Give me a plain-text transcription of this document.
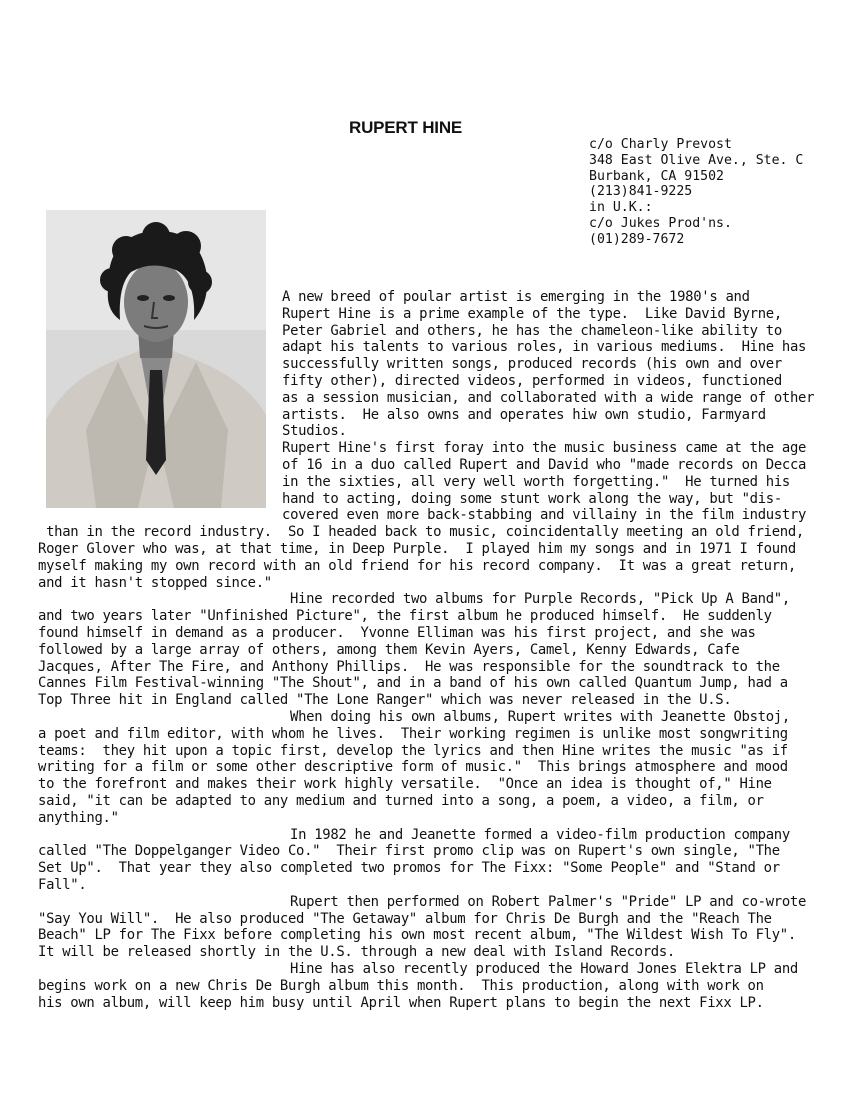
RUPERT HINE
c/o Charly Prevost
348 East Olive Ave., Ste. C
Burbank, CA 91502
(213)841-9225
in U.K.:
c/o Jukes Prod'ns.
(01)289-7672
A new breed of poular artist is emerging in the 1980's and
Rupert Hine is a prime example of the type.  Like David Byrne,
Peter Gabriel and others, he has the chameleon-like ability to
adapt his talents to various roles, in various mediums.  Hine has
successfully written songs, produced records (his own and over
fifty other), directed videos, performed in videos, functioned
as a session musician, and collaborated with a wide range of other
artists.  He also owns and operates hiw own studio, Farmyard
Studios.
Rupert Hine's first foray into the music business came at the age
of 16 in a duo called Rupert and David who "made records on Decca
in the sixties, all very well worth forgetting."  He turned his
hand to acting, doing some stunt work along the way, but "dis-
covered even more back-stabbing and villainy in the film industry
than in the record industry.  So I headed back to music, coincidentally meeting an old friend,
Roger Glover who was, at that time, in Deep Purple.  I played him my songs and in 1971 I found
myself making my own record with an old friend for his record company.  It was a great return,
and it hasn't stopped since."
Hine recorded two albums for Purple Records, "Pick Up A Band",
and two years later "Unfinished Picture", the first album he produced himself.  He suddenly
found himself in demand as a producer.  Yvonne Elliman was his first project, and she was
followed by a large array of others, among them Kevin Ayers, Camel, Kenny Edwards, Cafe
Jacques, After The Fire, and Anthony Phillips.  He was responsible for the soundtrack to the
Cannes Film Festival-winning "The Shout", and in a band of his own called Quantum Jump, had a
Top Three hit in England called "The Lone Ranger" which was never released in the U.S.
When doing his own albums, Rupert writes with Jeanette Obstoj,
a poet and film editor, with whom he lives.  Their working regimen is unlike most songwriting
teams:  they hit upon a topic first, develop the lyrics and then Hine writes the music "as if
writing for a film or some other descriptive form of music."  This brings atmosphere and mood
to the forefront and makes their work highly versatile.  "Once an idea is thought of," Hine
said, "it can be adapted to any medium and turned into a song, a poem, a video, a film, or
anything."
In 1982 he and Jeanette formed a video-film production company
called "The Doppelganger Video Co."  Their first promo clip was on Rupert's own single, "The
Set Up".  That year they also completed two promos for The Fixx: "Some People" and "Stand or
Fall".
Rupert then performed on Robert Palmer's "Pride" LP and co-wrote
"Say You Will".  He also produced "The Getaway" album for Chris De Burgh and the "Reach The
Beach" LP for The Fixx before completing his own most recent album, "The Wildest Wish To Fly".
It will be released shortly in the U.S. through a new deal with Island Records.
Hine has also recently produced the Howard Jones Elektra LP and
begins work on a new Chris De Burgh album this month.  This production, along with work on
his own album, will keep him busy until April when Rupert plans to begin the next Fixx LP.
